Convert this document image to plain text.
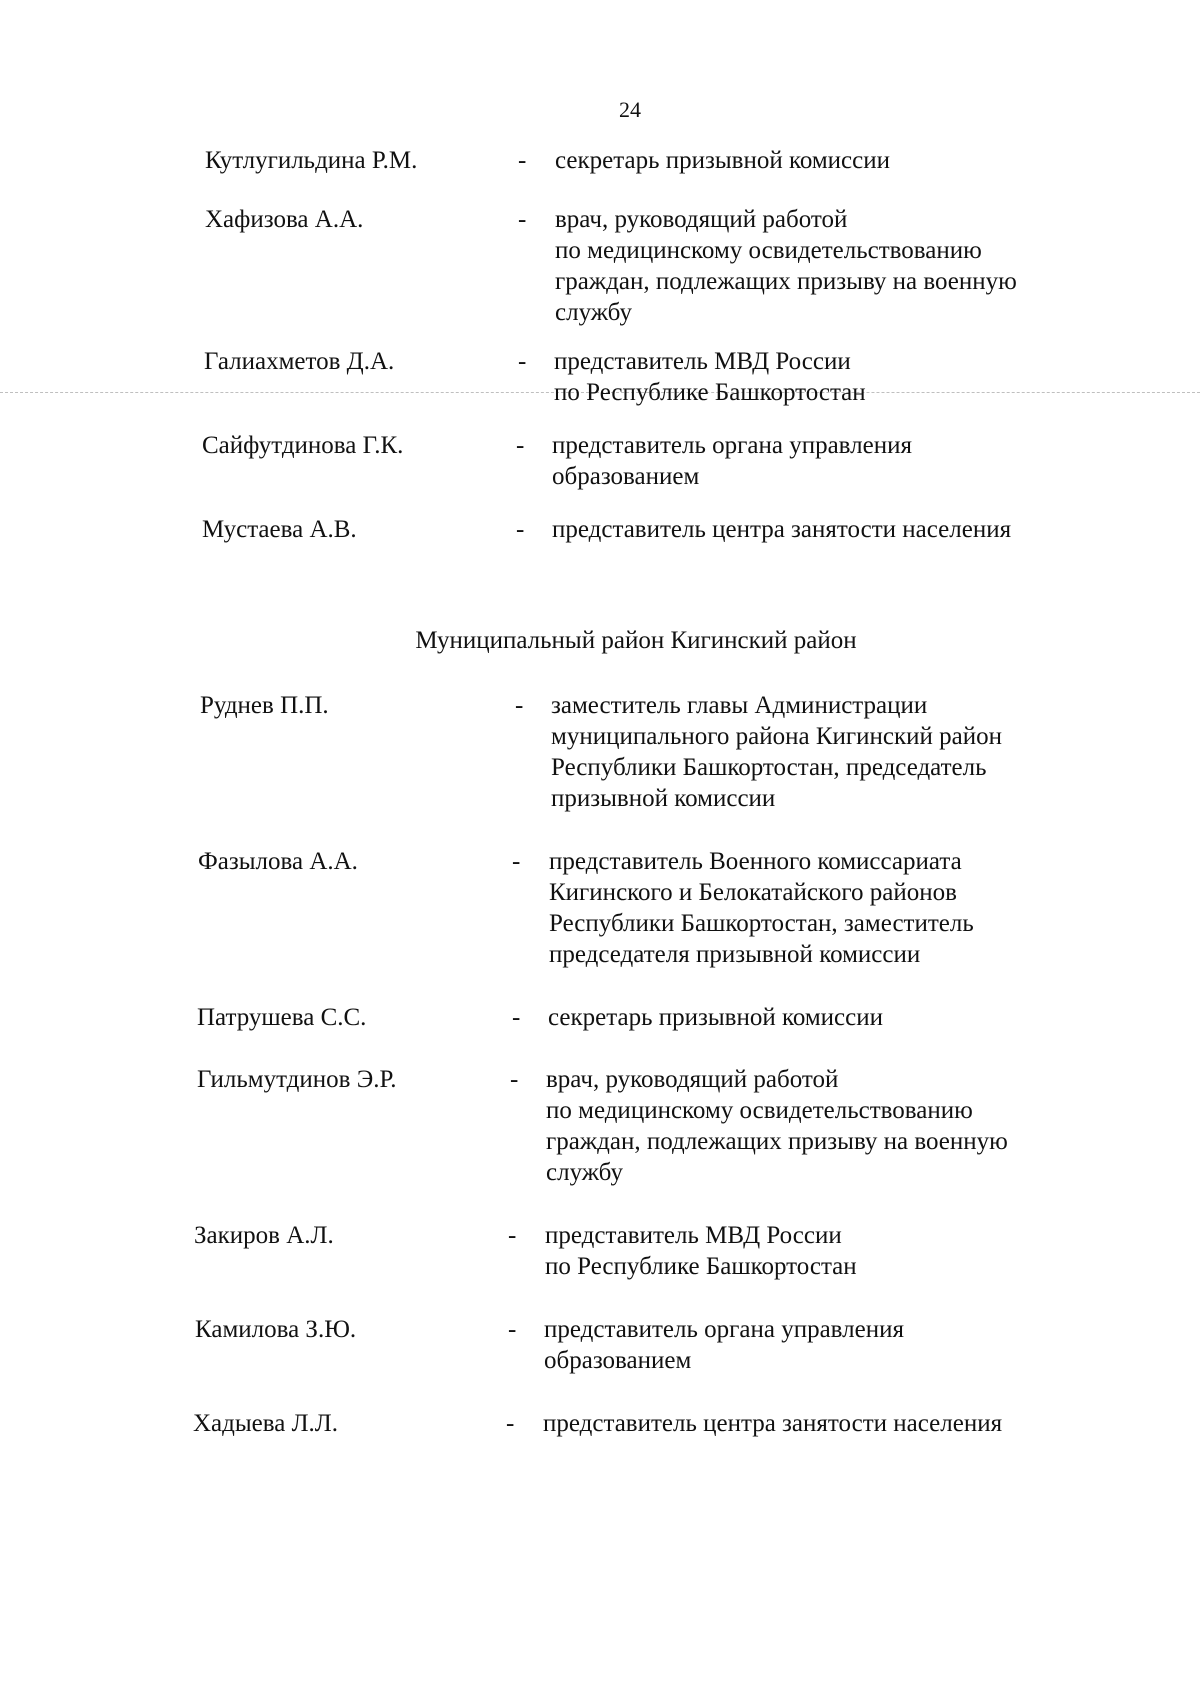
24
Кутлугильдина Р.М.	- секретарь призывной комиссии
Хафизова А.А.	- врач, руководящий работой
по медицинскому освидетельствованию
граждан, подлежащих призыву на военную
службу
Галиахметов Д.А.	- представитель МВД России
по Республике Башкортостан
Сайфутдинова Г.К.	- представитель органа управления
образованием
Мустаева А.В.	- представитель центра занятости населения
Муниципальный район Кигинский район
Руднев П.П.	- заместитель главы Администрации
муниципального района Кигинский район
Республики Башкортостан, председатель
призывной комиссии
Фазылова А.А.	- представитель Военного комиссариата
Кигинского и Белокатайского районов
Республики Башкортостан, заместитель
председателя призывной комиссии
Патрушева С.С.	- секретарь призывной комиссии
Гильмутдинов Э.Р.	- врач, руководящий работой
по медицинскому освидетельствованию
граждан, подлежащих призыву на военную
службу
Закиров А.Л.	- представитель МВД России
по Республике Башкортостан
Камилова З.Ю.	- представитель органа управления
образованием
Хадыева Л.Л.	- представитель центра занятости населения
